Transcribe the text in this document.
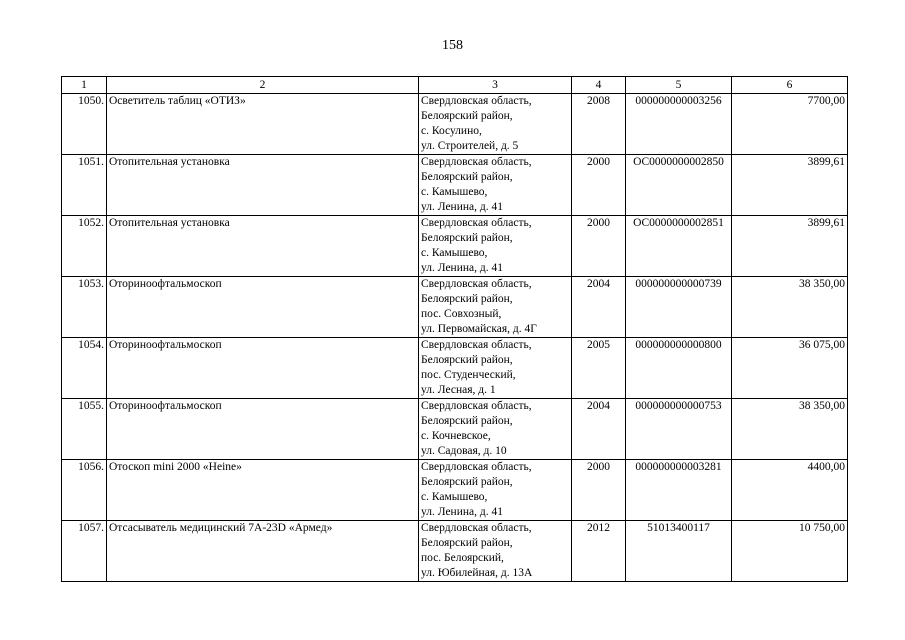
158
1	2	3	4	5	6
1050.	Осветитель таблиц «ОТИЗ»	Свердловская область,
Белоярский район,
с. Косулино,
ул. Строителей, д. 5	2008	000000000003256	7700,00
1051.	Отопительная установка	Свердловская область,
Белоярский район,
с. Камышево,
ул. Ленина, д. 41	2000	ОС0000000002850	3899,61
1052.	Отопительная установка	Свердловская область,
Белоярский район,
с. Камышево,
ул. Ленина, д. 41	2000	ОС0000000002851	3899,61
1053.	Оториноофтальмоскоп	Свердловская область,
Белоярский район,
пос. Совхозный,
ул. Первомайская, д. 4Г	2004	000000000000739	38 350,00
1054.	Оториноофтальмоскоп	Свердловская область,
Белоярский район,
пос. Студенческий,
ул. Лесная, д. 1	2005	000000000000800	36 075,00
1055.	Оториноофтальмоскоп	Свердловская область,
Белоярский район,
с. Кочневское,
ул. Садовая, д. 10	2004	000000000000753	38 350,00
1056.	Отоскоп mini 2000 «Heine»	Свердловская область,
Белоярский район,
с. Камышево,
ул. Ленина, д. 41	2000	000000000003281	4400,00
1057.	Отсасыватель медицинский 7А-23D «Армед»	Свердловская область,
Белоярский район,
пос. Белоярский,
ул. Юбилейная, д. 13А	2012	51013400117	10 750,00
